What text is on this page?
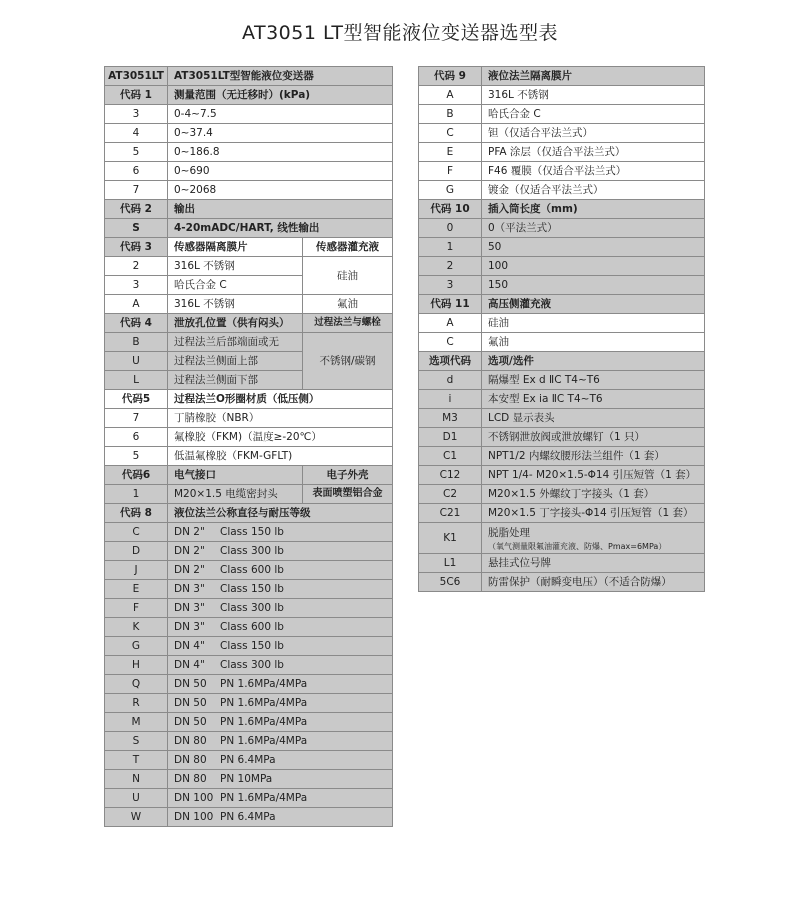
AT3051 LT型智能液位变送器选型表
AT3051LT	AT3051LT型智能液位变送器	
代码 1	测量范围（无迁移时）(kPa)	
3	0-4~7.5	
4	0~37.4	
5	0~186.8	
6	0~690	
7	0~2068	
代码 2	输出	
S	4-20mADC/HART, 线性输出	
代码 3	传感器隔离膜片	传感器灌充液
2	316L 不锈钢	硅油
3	哈氏合金 C	
A	316L 不锈钢	氟油
代码 4	泄放孔位置（供有闷头）	过程法兰与螺栓
B	过程法兰后部端面或无	不锈钢/碳钢
U	过程法兰侧面上部	
L	过程法兰侧面下部	
代码5	过程法兰O形圈材质（低压侧）	
7	丁腈橡胶（NBR）	
6	氟橡胶（FKM)（温度≥-20℃）	
5	低温氟橡胶（FKM-GFLT)	
代码6	电气接口	电子外壳
1	M20×1.5 电缆密封头	表面喷塑铝合金
代码 8	液位法兰公称直径与耐压等级	
C	DN 2" Class 150 lb	
D	DN 2" Class 300 lb	
J	DN 2" Class 600 lb	
E	DN 3" Class 150 lb	
F	DN 3" Class 300 lb	
K	DN 3" Class 600 lb	
G	DN 4" Class 150 lb	
H	DN 4" Class 300 lb	
Q	DN 50 PN 1.6MPa/4MPa	
R	DN 50 PN 1.6MPa/4MPa	
M	DN 50 PN 1.6MPa/4MPa	
S	DN 80 PN 1.6MPa/4MPa	
T	DN 80 PN 6.4MPa	
N	DN 80 PN 10MPa	
U	DN 100 PN 1.6MPa/4MPa	
W	DN 100 PN 6.4MPa	
代码 9	液位法兰隔离膜片
A	316L 不锈钢
B	哈氏合金 C
C	钽（仅适合平法兰式）
E	PFA 涂层（仅适合平法兰式）
F	F46 覆膜（仅适合平法兰式）
G	镀金（仅适合平法兰式）
代码 10	插入筒长度（mm)
0	0（平法兰式）
1	50
2	100
3	150
代码 11	高压侧灌充液
A	硅油
C	氟油
选项代码	选项/选件
d	隔爆型 Ex d ⅡC T4~T6
i	本安型 Ex ia ⅡC T4~T6
M3	LCD 显示表头
D1	不锈钢泄放阀或泄放螺钉（1 只）
C1	NPT1/2 内螺纹腰形法兰组件（1 套）
C12	NPT 1/4- M20×1.5-Φ14 引压短管（1 套）
C2	M20×1.5 外螺纹丁字接头（1 套）
C21	M20×1.5 丁字接头-Φ14 引压短管（1 套）
K1	脱脂处理
（氧气测量限氟油灌充液、防爆、Pmax=6MPa）

L1	悬挂式位号牌
5C6	防雷保护（耐瞬变电压）（不适合防爆）
